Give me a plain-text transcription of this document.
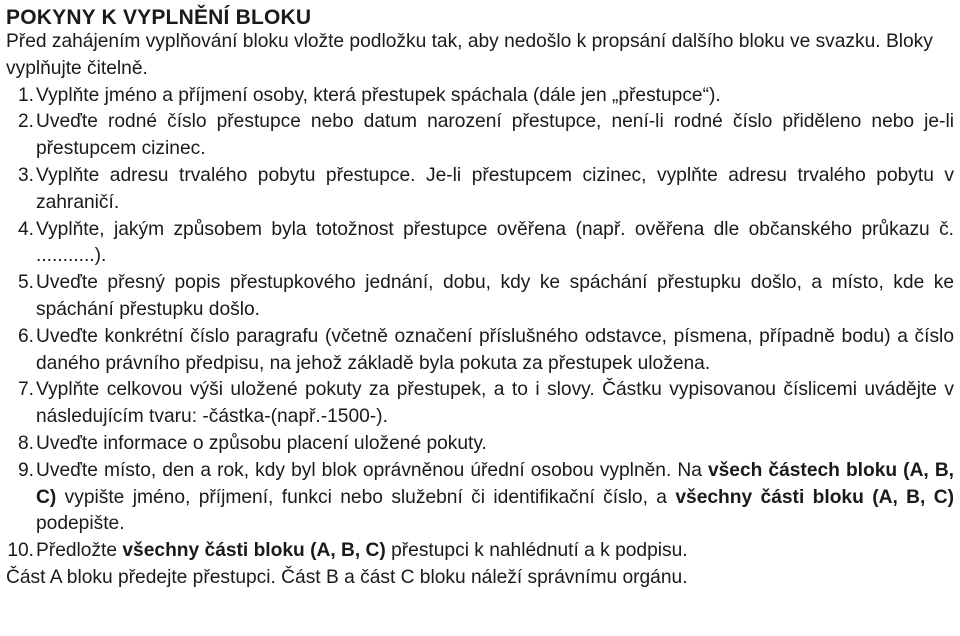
POKYNY K VYPLNĚNÍ BLOKU

Před zahájením vyplňování bloku vložte podložku tak, aby nedošlo k propsání dalšího bloku ve svazku. Bloky vyplňujte čitelně.

1. Vyplňte jméno a příjmení osoby, která přestupek spáchala (dále jen „přestupce“).
2. Uveďte rodné číslo přestupce nebo datum narození přestupce, není-li rodné číslo přiděleno nebo je-li přestupcem cizinec.
3. Vyplňte adresu trvalého pobytu přestupce. Je-li přestupcem cizinec, vyplňte adresu trvalého pobytu v zahraničí.
4. Vyplňte, jakým způsobem byla totožnost přestupce ověřena (např. ověřena dle občanského průkazu č. ...........).
5. Uveďte přesný popis přestupkového jednání, dobu, kdy ke spáchání přestupku došlo, a místo, kde ke spáchání přestupku došlo.
6. Uveďte konkrétní číslo paragrafu (včetně označení příslušného odstavce, písmena, případně bodu) a číslo daného právního předpisu, na jehož základě byla pokuta za přestupek uložena.
7. Vyplňte celkovou výši uložené pokuty za přestupek, a to i slovy. Částku vypisovanou číslicemi uvádějte v následujícím tvaru: -částka-(např.-1500-).
8. Uveďte informace o způsobu placení uložené pokuty.
9. Uveďte místo, den a rok, kdy byl blok oprávněnou úřední osobou vyplněn. Na všech částech bloku (A, B, C) vypište jméno, příjmení, funkci nebo služební či identifikační číslo, a všechny části bloku (A, B, C) podepište.
10. Předložte všechny části bloku (A, B, C) přestupci k nahlédnutí a k podpisu.

Část A bloku předejte přestupci. Část B a část C bloku náleží správnímu orgánu.
